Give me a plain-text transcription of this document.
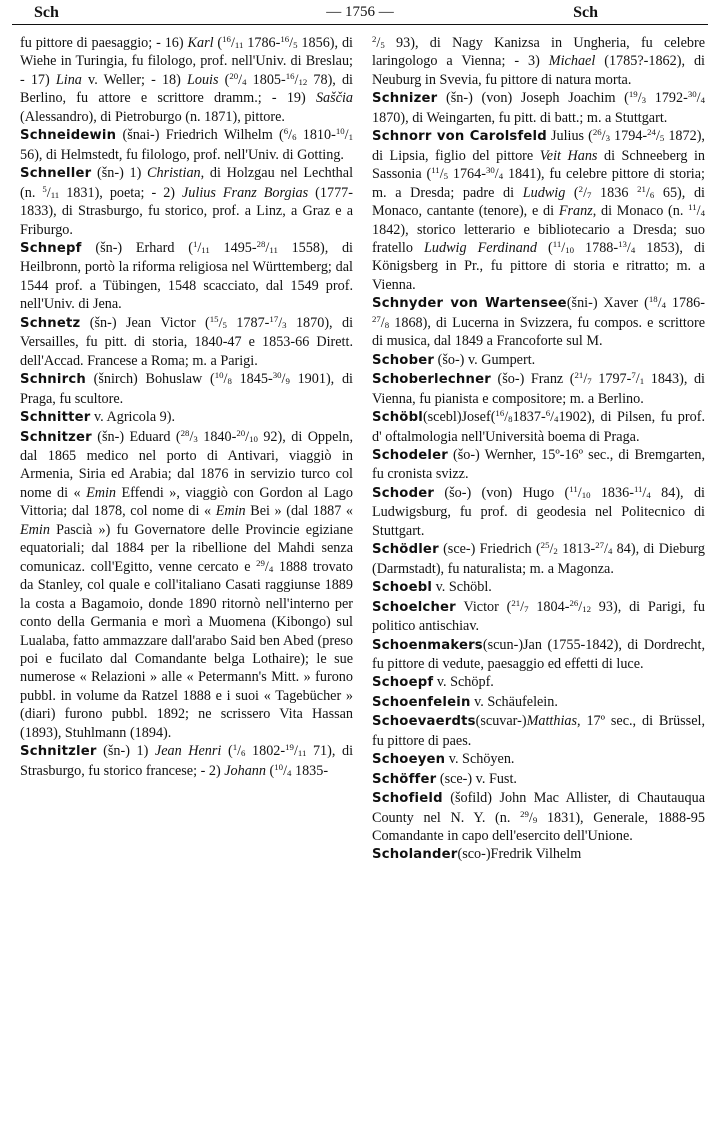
Sch	— 1756 —	Sch

fu pittore di paesaggio; - 16) Karl ($^{16}/_{11}$ $1786-^{16}/_5$ 1856), di Wiehe in Turingia, fu filologo, prof. nell'Univ. di Breslau; - 17) Lina v. Weller; - 18) Louis ($^{20}/_4$ $1805-^{16}/_{12}$ 78), di Berlino, fu attore e scrittore dramm.; - 19) Saščia (Alessandro), di Pietroburgo (n. 1871), pittore.

Schneidewin (šnai-) Friedrich Wilhelm ($^6/_6$ $1810-^{10}/_1$ 56), di Helmstedt, fu filologo, prof. nell'Univ. di Gotting.

Schneller (šn-) 1) Christian, di Holzgau nel Lechthal (n. $^5/_{11}$ 1831), poeta; - 2) Julius Franz Borgias (1777-1833), di Strasburgo, fu storico, prof. a Linz, a Graz e a Friburgo.

Schnepf (šn-) Erhard ($^1/_{11}$ $1495-^{28}/_{11}$ 1558), di Heilbronn, portò la riforma religiosa nel Württemberg; dal 1544 prof. a Tübingen, 1548 scacciato, dal 1549 prof. nell'Univ. di Jena.

Schnetz (šn-) Jean Victor ($^{15}/_5$ $1787-^{17}/_3$ 1870), di Versailles, fu pitt. di storia, 1840-47 e 1853-66 Dirett. dell'Accad. Francese a Roma; m. a Parigi.

Schnirch (šnirch) Bohuslaw ($^{10}/_8$ $1845-^{30}/_9$ 1901), di Praga, fu scultore.

Schnitter v. Agricola 9).

Schnitzer (šn-) Eduard ($^{28}/_3$ $1840-^{20}/_{10}$ 92), di Oppeln, dal 1865 medico nel porto di Antivari, viaggiò in Armenia, Siria ed Arabia; dal 1876 in servizio turco col nome di « Emin Effendi », viaggiò con Gordon al Lago Vittoria; dal 1878, col nome di « Emin Bei » (dal 1887 « Emin Pascià ») fu Governatore delle Provincie egiziane equatoriali; dal 1884 per la ribellione del Mahdi senza comunicaz. coll'Egitto, venne cercato e $^{29}/_4$ 1888 trovato da Stanley, col quale e coll'italiano Casati raggiunse 1889 la costa a Bagamoio, donde 1890 ritornò nell'interno per conto della Germania e morì a Muomena (Kibongo) sul Lualaba, fatto ammazzare dall'arabo Said ben Abed (preso poi e fucilato dal Comandante belga Lothaire); le sue numerose « Relazioni » alle « Petermann's Mitt. » furono pubbl. in volume da Ratzel 1888 e i suoi « Tagebücher » (diari) furono pubbl. 1892; ne scrissero Vita Hassan (1893), Stuhlmann (1894).

Schnitzler (šn-) 1) Jean Henri ($^1/_6$ $1802-^{19}/_{11}$ 71), di Strasburgo, fu storico francese; - 2) Johann ($^{10}/_4$ 1835-

$^2/_5$ 93), di Nagy Kanizsa in Ungheria, fu celebre laringologo a Vienna; - 3) Michael (1785?-1862), di Neuburg in Svevia, fu pittore di natura morta.

Schnizer (šn-) (von) Joseph Joachim ($^{19}/_3$ $1792-^{30}/_4$ 1870), di Weingarten, fu pitt. di batt.; m. a Stuttgart.

Schnorr von Carolsfeld Julius ($^{26}/_3$ $1794-^{24}/_5$ 1872), di Lipsia, figlio del pittore Veit Hans di Schneeberg in Sassonia ($^{11}/_5$ $1764-^{30}/_4$ 1841), fu celebre pittore di storia; m. a Dresda; padre di Ludwig ($^2/_7$ 1836 $^{21}/_6$ 65), di Monaco, cantante (tenore), e di Franz, di Monaco (n. $^{11}/_4$ 1842), storico letterario e bibliotecario a Dresda; suo fratello Ludwig Ferdinand ($^{11}/_{10}$ $1788-^{13}/_4$ 1853), di Königsberg in Pr., fu pittore di storia e ritratto; m. a Vienna.

Schnyder von Wartensee(šni-) Xaver ($^{18}/_4$ $1786-^{27}/_8$ 1868), di Lucerna in Svizzera, fu compos. e scrittore di musica, dal 1849 a Francoforte sul M.

Schober (šo-) v. Gumpert.

Schoberlechner (šo-) Franz ($^{21}/_7$ $1797-^7/_1$ 1843), di Vienna, fu pianista e compositore; m. a Berlino.

$Schöbl(scebl)Josef(^{16}/_81837-^6/_41902)$, di Pilsen, fu prof. d' oftalmologia nell'Università boema di Praga.

Schodeler (šo-) Wernher, 15º-16º sec., di Bremgarten, fu cronista svizz.

Schoder (šo-) (von) Hugo ($^{11}/_{10}$ $1836-^{11}/_4$ 84), di Ludwigsburg, fu prof. di geodesia nel Politecnico di Stuttgart.

Schödler (sce-) Friedrich ($^{25}/_2$ $1813-^{27}/_4$ 84), di Dieburg (Darmstadt), fu naturalista; m. a Magonza.

Schoebl v. Schöbl.

Schoelcher Victor ($^{21}/_7$ $1804-^{26}/_{12}$ 93), di Parigi, fu politico antischiav.

Schoenmakers(scun-)Jan (1755-1842), di Dordrecht, fu pittore di vedute, paesaggio ed effetti di luce.

Schoepf v. Schöpf.

Schoenfelein v. Schäufelein.

Schoevaerdts(scuvar-)Matthias, 17º sec., di Brüssel, fu pittore di paes.

Schoeyen v. Schöyen.

Schöffer (sce-) v. Fust.

Schofield (šofild) John Mac Allister, di Chautauqua County nel N. Y. (n. $^{29}/_9$ 1831), Generale, 1888-95 Comandante in capo dell'esercito dell'Unione.

Scholander(sco-)Fredrik Vilhelm
